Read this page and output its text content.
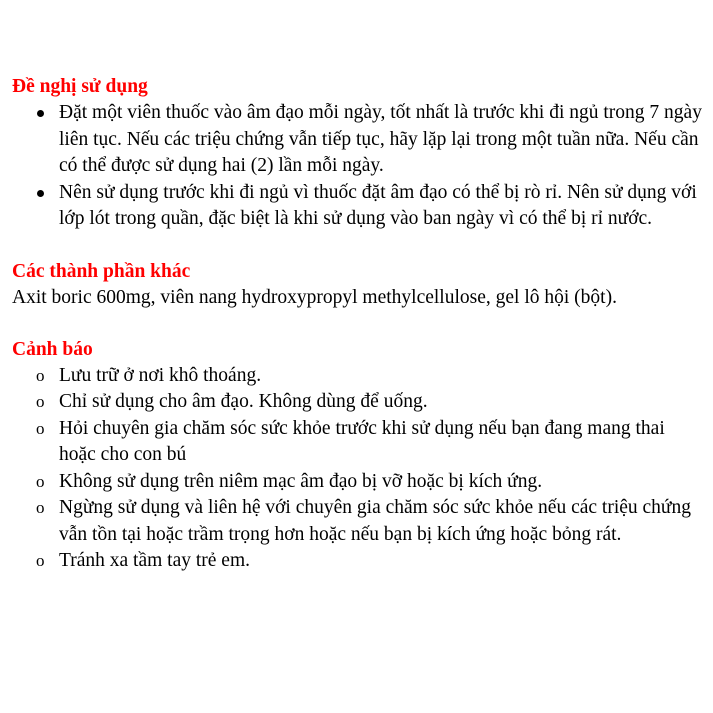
Đề nghị sử dụng
Đặt một viên thuốc vào âm đạo mỗi ngày, tốt nhất là trước khi đi ngủ trong 7 ngày liên tục. Nếu các triệu chứng vẫn tiếp tục, hãy lặp lại trong một tuần nữa. Nếu cần có thể được sử dụng hai (2) lần mỗi ngày.
Nên sử dụng trước khi đi ngủ vì thuốc đặt âm đạo có thể bị rò rỉ. Nên sử dụng với lớp lót trong quần, đặc biệt là khi sử dụng vào ban ngày vì có thể bị rỉ nước.
Các thành phần khác

Axit boric 600mg, viên nang hydroxypropyl methylcellulose, gel lô hội (bột).

Cảnh báo
o Lưu trữ ở nơi khô thoáng.
o Chỉ sử dụng cho âm đạo. Không dùng để uống.
o Hỏi chuyên gia chăm sóc sức khỏe trước khi sử dụng nếu bạn đang mang thai hoặc cho con bú
o Không sử dụng trên niêm mạc âm đạo bị vỡ hoặc bị kích ứng.
o Ngừng sử dụng và liên hệ với chuyên gia chăm sóc sức khỏe nếu các triệu chứng vẫn tồn tại hoặc trầm trọng hơn hoặc nếu bạn bị kích ứng hoặc bỏng rát.
o Tránh xa tầm tay trẻ em.
